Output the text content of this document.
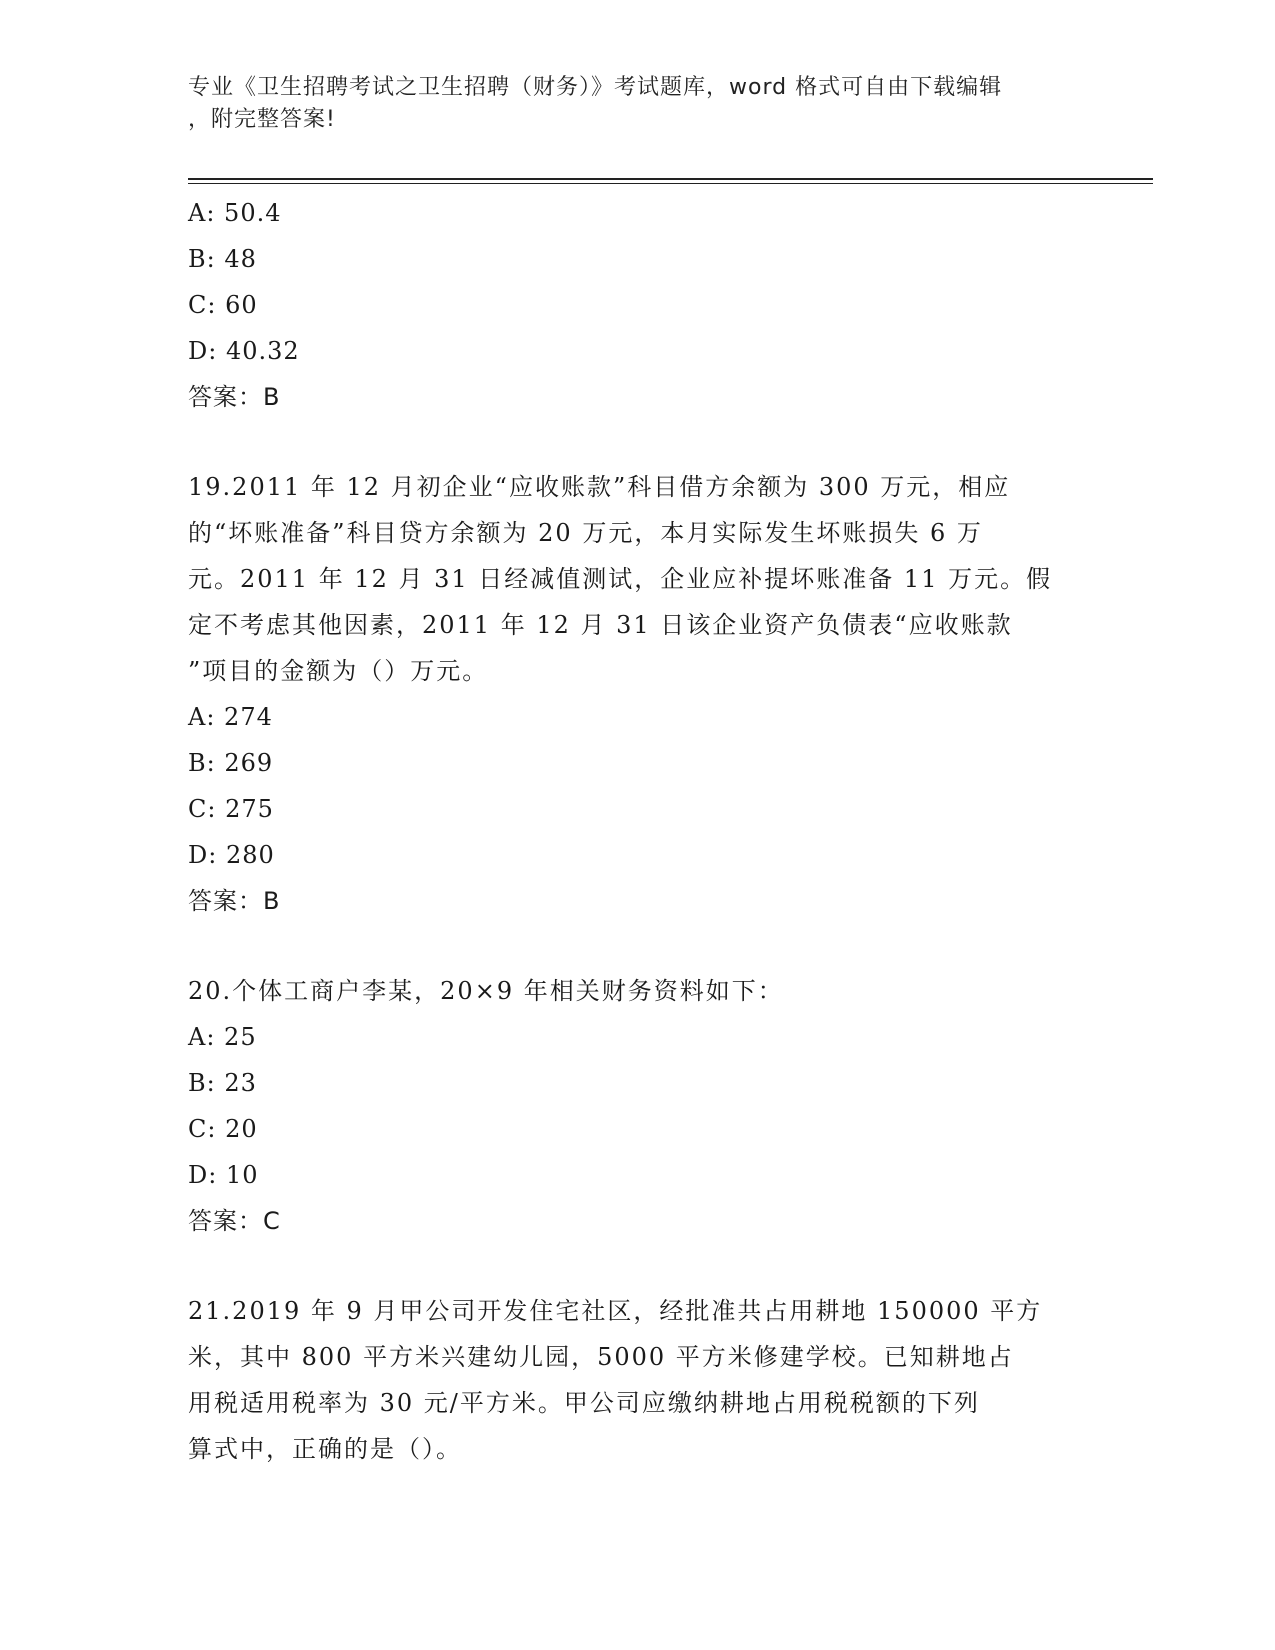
专业《卫生招聘考试之卫生招聘（财务）》考试题库，word 格式可自由下载编辑
，附完整答案!
A: 50.4
B: 48
C: 60
D: 40.32
答案：B
19.2011 年 12 月初企业“应收账款”科目借方余额为 300 万元，相应
的“坏账准备”科目贷方余额为 20 万元，本月实际发生坏账损失 6 万
元。2011 年 12 月 31 日经减值测试，企业应补提坏账准备 11 万元。假
定不考虑其他因素，2011 年 12 月 31 日该企业资产负债表“应收账款
”项目的金额为（）万元。
A: 274
B: 269
C: 275
D: 280
答案：B
20.个体工商户李某，20×9 年相关财务资料如下：
A: 25
B: 23
C: 20
D: 10
答案：C
21.2019 年 9 月甲公司开发住宅社区，经批准共占用耕地 150000 平方
米，其中 800 平方米兴建幼儿园，5000 平方米修建学校。已知耕地占
用税适用税率为 30 元/平方米。甲公司应缴纳耕地占用税税额的下列
算式中，正确的是（）。
